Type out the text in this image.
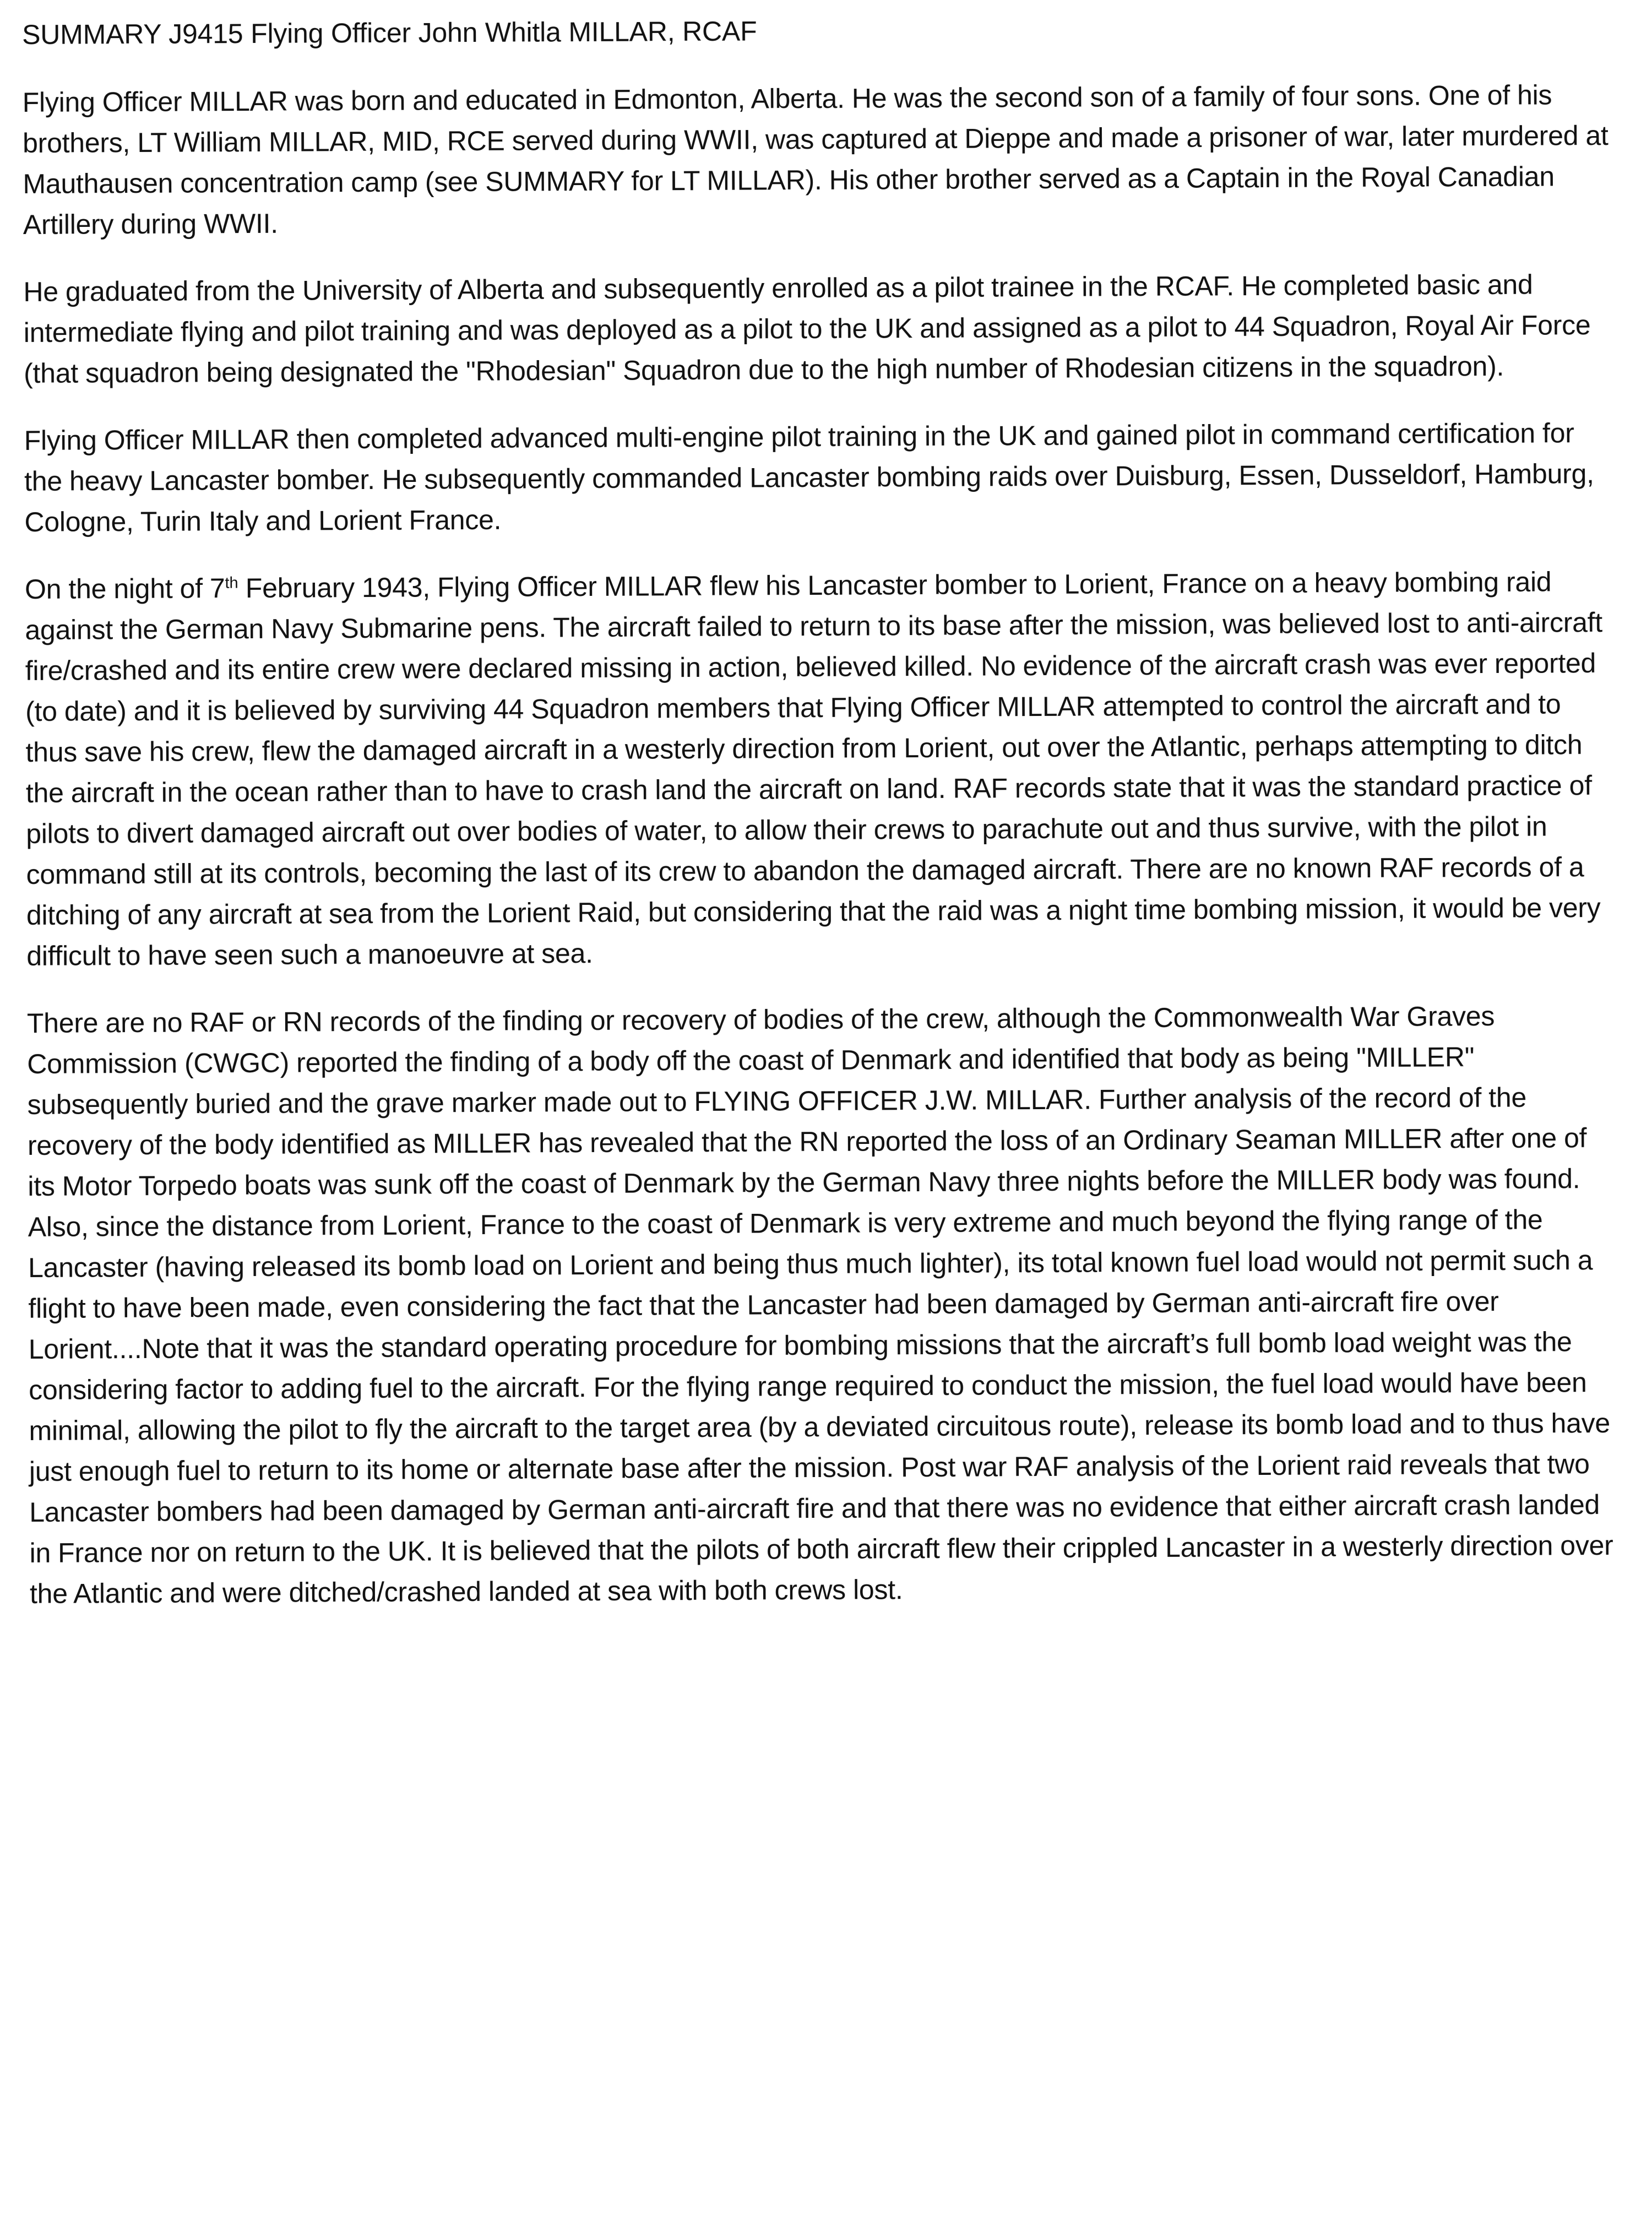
SUMMARY J9415 Flying Officer John Whitla MILLAR, RCAF

Flying Officer MILLAR was born and educated in Edmonton, Alberta. He was the second son of a family of four sons. One of his brothers, LT William MILLAR, MID, RCE served during WWII, was captured at Dieppe and made a prisoner of war, later murdered at Mauthausen concentration camp (see SUMMARY for LT MILLAR). His other brother served as a Captain in the Royal Canadian Artillery during WWII.

He graduated from the University of Alberta and subsequently enrolled as a pilot trainee in the RCAF. He completed basic and intermediate flying and pilot training and was deployed as a pilot to the UK and assigned as a pilot to 44 Squadron, Royal Air Force (that squadron being designated the "Rhodesian" Squadron due to the high number of Rhodesian citizens in the squadron).

Flying Officer MILLAR then completed advanced multi-engine pilot training in the UK and gained pilot in command certification for the heavy Lancaster bomber. He subsequently commanded Lancaster bombing raids over Duisburg, Essen, Dusseldorf, Hamburg, Cologne, Turin Italy and Lorient France.

On the night of 7th February 1943, Flying Officer MILLAR flew his Lancaster bomber to Lorient, France on a heavy bombing raid against the German Navy Submarine pens. The aircraft failed to return to its base after the mission, was believed lost to anti-aircraft fire/crashed and its entire crew were declared missing in action, believed killed. No evidence of the aircraft crash was ever reported (to date) and it is believed by surviving 44 Squadron members that Flying Officer MILLAR attempted to control the aircraft and to thus save his crew, flew the damaged aircraft in a westerly direction from Lorient, out over the Atlantic, perhaps attempting to ditch the aircraft in the ocean rather than to have to crash land the aircraft on land. RAF records state that it was the standard practice of pilots to divert damaged aircraft out over bodies of water, to allow their crews to parachute out and thus survive, with the pilot in command still at its controls, becoming the last of its crew to abandon the damaged aircraft. There are no known RAF records of a ditching of any aircraft at sea from the Lorient Raid, but considering that the raid was a night time bombing mission, it would be very difficult to have seen such a manoeuvre at sea.

There are no RAF or RN records of the finding or recovery of bodies of the crew, although the Commonwealth War Graves Commission (CWGC) reported the finding of a body off the coast of Denmark and identified that body as being "MILLER" subsequently buried and the grave marker made out to FLYING OFFICER J.W. MILLAR. Further analysis of the record of the recovery of the body identified as MILLER has revealed that the RN reported the loss of an Ordinary Seaman MILLER after one of its Motor Torpedo boats was sunk off the coast of Denmark by the German Navy three nights before the MILLER body was found. Also, since the distance from Lorient, France to the coast of Denmark is very extreme and much beyond the flying range of the Lancaster (having released its bomb load on Lorient and being thus much lighter), its total known fuel load would not permit such a flight to have been made, even considering the fact that the Lancaster had been damaged by German anti-aircraft fire over Lorient....Note that it was the standard operating procedure for bombing missions that the aircraft’s full bomb load weight was the considering factor to adding fuel to the aircraft. For the flying range required to conduct the mission, the fuel load would have been minimal, allowing the pilot to fly the aircraft to the target area (by a deviated circuitous route), release its bomb load and to thus have just enough fuel to return to its home or alternate base after the mission. Post war RAF analysis of the Lorient raid reveals that two Lancaster bombers had been damaged by German anti-aircraft fire and that there was no evidence that either aircraft crash landed in France nor on return to the UK. It is believed that the pilots of both aircraft flew their crippled Lancaster in a westerly direction over the Atlantic and were ditched/crashed landed at sea with both crews lost.
